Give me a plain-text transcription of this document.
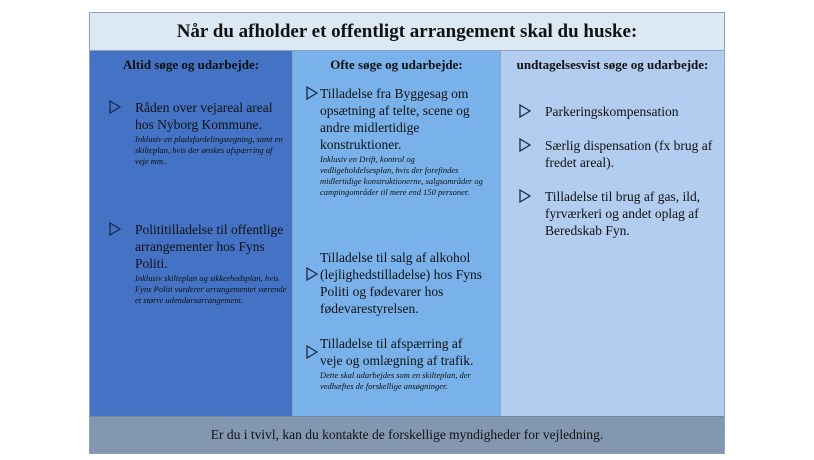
Når du afholder et offentligt arrangement skal du huske:
Altid søge og udarbejde:
Råden over vejareal areal hos Nyborg Kommune.
Inklusiv en pladsfordelingstegning, samt en skilteplan, hvis der ønskes afspærring af veje mm..
Polititilladelse til offentlige arrangementer hos Fyns Politi.
Inklusiv skilteplan og sikkerhedsplan, hvis Fyns Politi vurderer arrangementet værende et større udendørsarrangement.
Ofte søge og udarbejde:
Tilladelse fra Byggesag om opsætning af telte, scene og andre midlertidige konstruktioner.
Inklusiv en Drift, kontrol og vedligeholdelsesplan, hvis der forefindes midlertidige konstruktionerne, salgsområder og campingområder til mere end 150 personer.
Tilladelse til salg af alkohol (lejlighedstilladelse) hos Fyns Politi og fødevarer hos fødevarestyrelsen.
Tilladelse til afspærring af veje og omlægning af trafik.
Dette skal udarbejdes som en skilteplan, der vedhæftes de forskellige ansøgninger.
undtagelsesvist søge og udarbejde:
Parkeringskompensation
Særlig dispensation (fx brug af fredet areal).
Tilladelse til brug af gas, ild, fyrværkeri og andet oplag af Beredskab Fyn.
Er du i tvivl, kan du kontakte de forskellige myndigheder for vejledning.
